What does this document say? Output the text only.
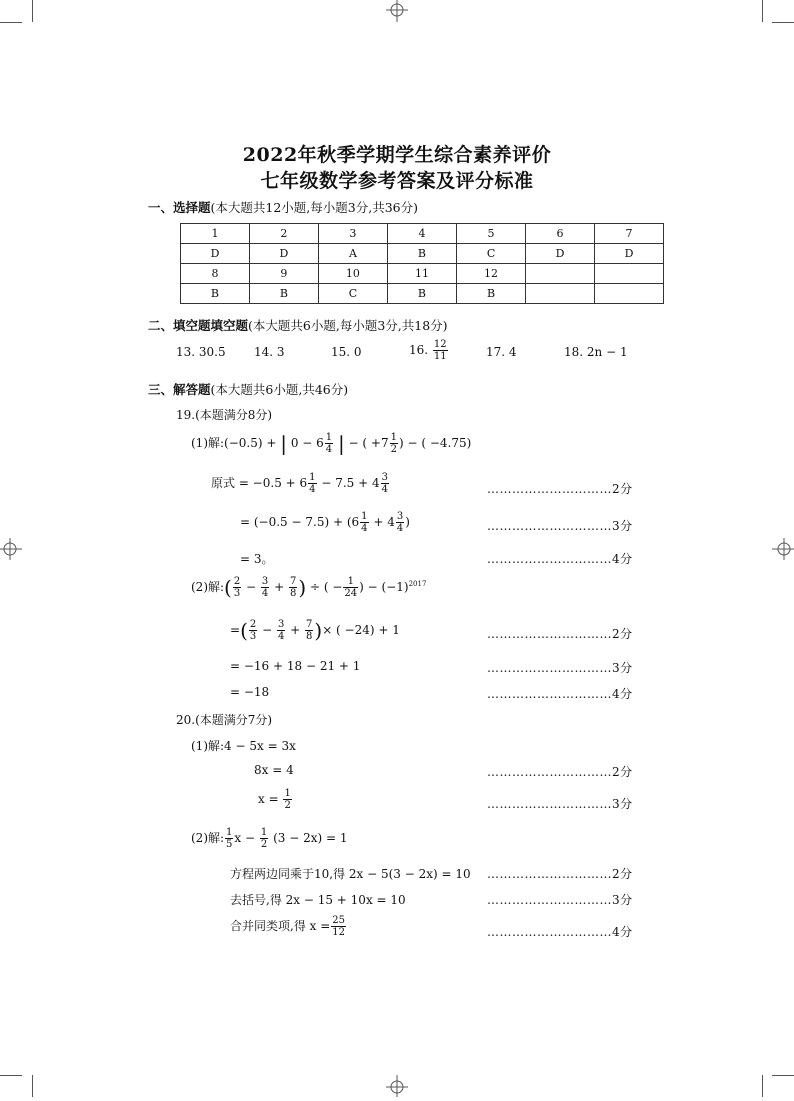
2022年秋季学期学生综合素养评价
七年级数学参考答案及评分标准
一、选择题(本大题共12小题,每小题3分,共36分)
1	2	3	4	5	6	7
D	D	A	B	C	D	D
8	9	10	11	12		
B	B	C	B	B		
二、填空题填空题(本大题共6小题,每小题3分,共18分)
13. 30.5 14. 3	15. 0	16. $\frac{12}{11}$	17. 4	18. 2n − 1
三、解答题(本大题共6小题,共46分)
19.(本题满分8分)
(1)解:(−0.5) + | $0 - 6 \frac{1}{4}$ | − ( $+7 \frac{1}{2}$ ) − ( −4.75)
原式 = $-0.5 + 6 \frac{1}{4} - 7.5 + 4 \frac{3}{4}$	…………………………2分
= $(-0.5 - 7.5) + (6 \frac{1}{4} + 4 \frac{3}{4}$ )	…………………………3分
= 3。	…………………………4分
(2)解:( $\frac{2}{3} - \frac{3}{4} + \frac{7}{8}$ ) ÷ ( − $\frac{1}{24}$ ) − $(-1)^{2017}$
=( $\frac{2}{3} - \frac{3}{4} + \frac{7}{8}$ )× ( −24) + 1	…………………………2分
= −16 + 18 − 21 + 1	…………………………3分
= −18	…………………………4分
20.(本题满分7分)
(1)解:4 − 5x = 3x
8x = 4	…………………………2分
$x = \frac{1}{2}$	…………………………3分
(2)解: $\frac{1}{5}$ $x - \frac{1}{2} (3 - 2x) = 1$
方程两边同乘于10,得 2x − 5(3 − 2x) = 10 …………………………2分
去括号,得 2x − 15 + 10x = 10	…………………………3分
合并同类项,得 $x = \frac{25}{12}$	…………………………4分
